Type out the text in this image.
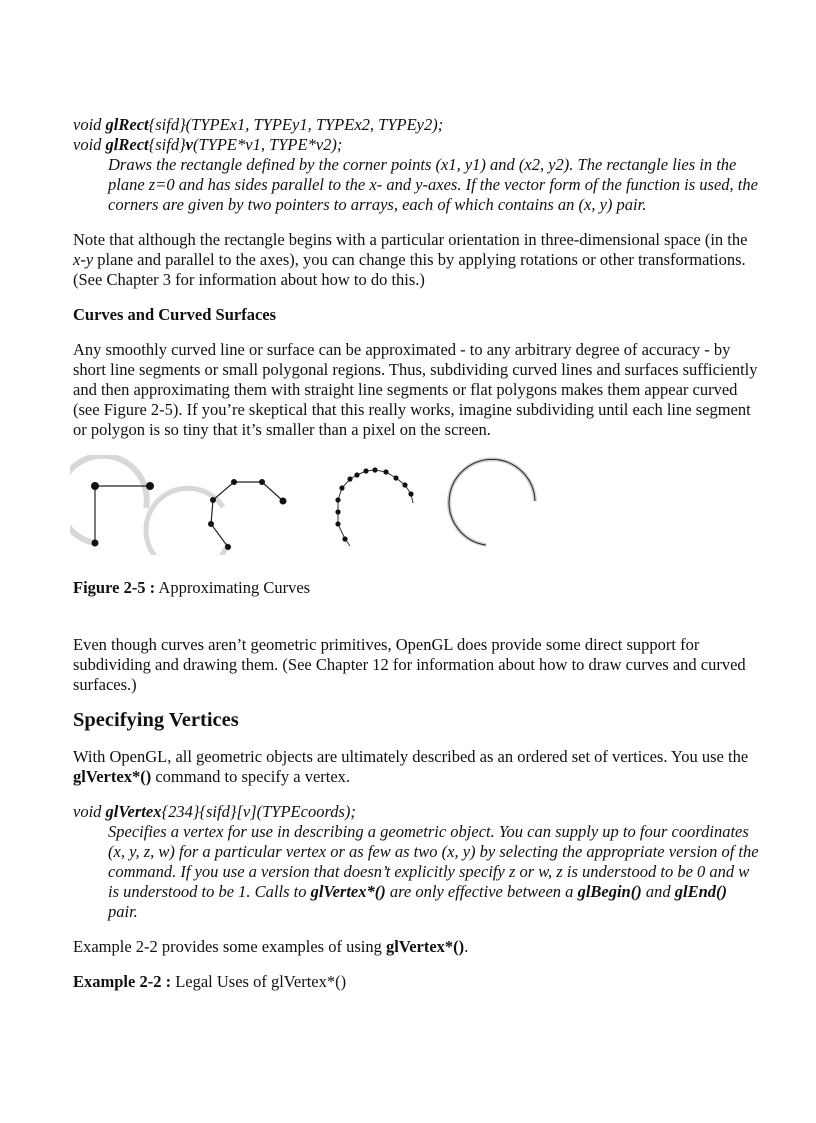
void glRect{sifd}(TYPEx1, TYPEy1, TYPEx2, TYPEy2);
void glRect{sifd}v(TYPE*v1, TYPE*v2);
Draws the rectangle defined by the corner points (x1, y1) and (x2, y2). The rectangle lies in the
plane z=0 and has sides parallel to the x- and y-axes. If the vector form of the function is used, the
corners are given by two pointers to arrays, each of which contains an (x, y) pair.
Note that although the rectangle begins with a particular orientation in three-dimensional space (in the
x-y plane and parallel to the axes), you can change this by applying rotations or other transformations.
(See Chapter 3 for information about how to do this.)
Curves and Curved Surfaces
Any smoothly curved line or surface can be approximated - to any arbitrary degree of accuracy - by
short line segments or small polygonal regions. Thus, subdividing curved lines and surfaces sufficiently
and then approximating them with straight line segments or flat polygons makes them appear curved
(see Figure 2-5). If you’re skeptical that this really works, imagine subdividing until each line segment
or polygon is so tiny that it’s smaller than a pixel on the screen.
Figure 2-5 : Approximating Curves
Even though curves aren’t geometric primitives, OpenGL does provide some direct support for
subdividing and drawing them. (See Chapter 12 for information about how to draw curves and curved
surfaces.)
Specifying Vertices
With OpenGL, all geometric objects are ultimately described as an ordered set of vertices. You use the
glVertex*() command to specify a vertex.
void glVertex{234}{sifd}[v](TYPEcoords);
Specifies a vertex for use in describing a geometric object. You can supply up to four coordinates
(x, y, z, w) for a particular vertex or as few as two (x, y) by selecting the appropriate version of the
command. If you use a version that doesn’t explicitly specify z or w, z is understood to be 0 and w
is understood to be 1. Calls to glVertex*() are only effective between a glBegin() and glEnd()
pair.
Example 2-2 provides some examples of using glVertex*().
Example 2-2 : Legal Uses of glVertex*()
